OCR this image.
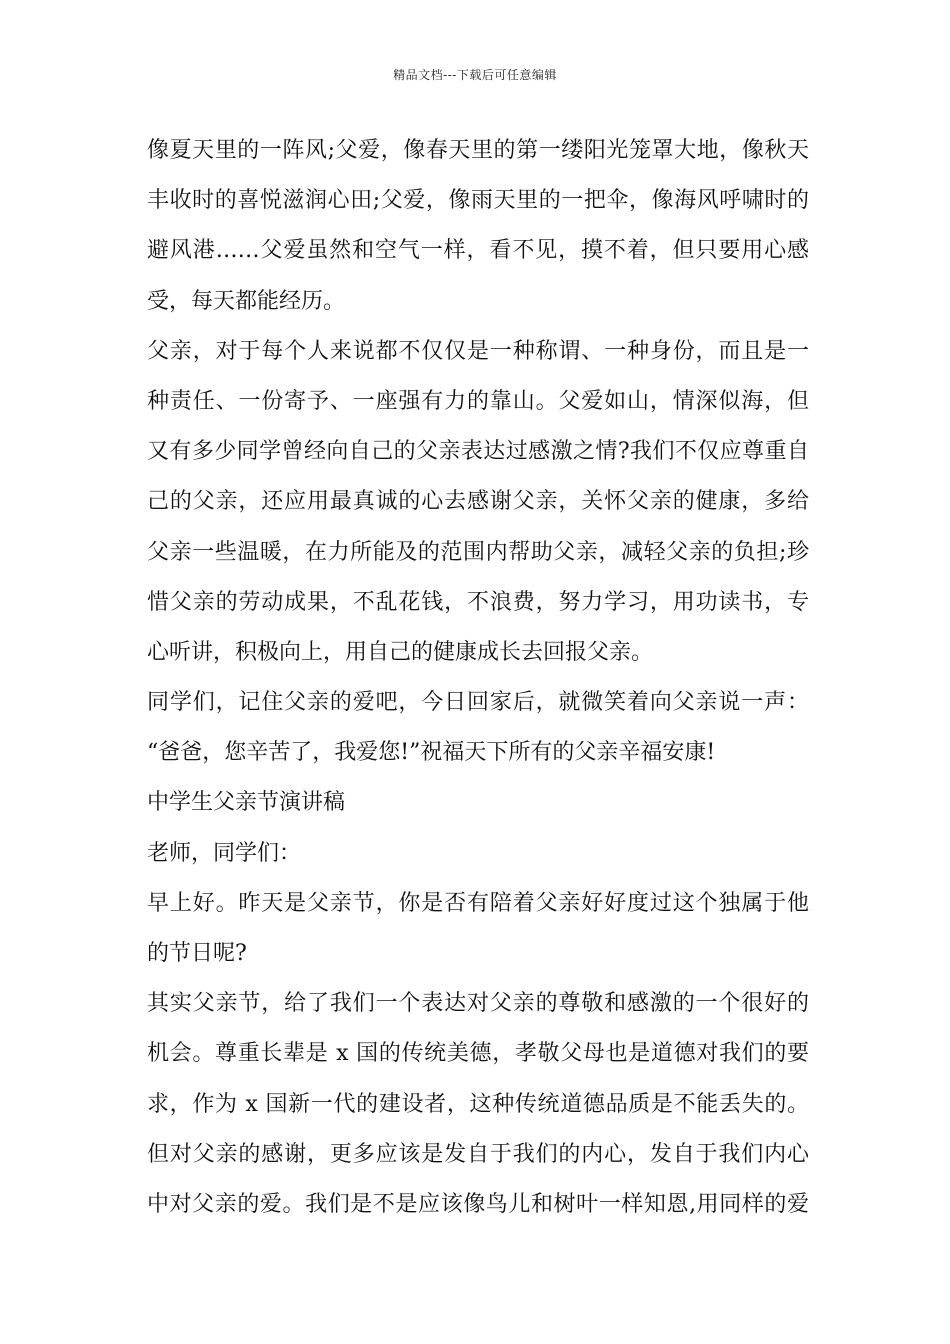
精品文档---下载后可任意编辑
像夏天里的一阵风;父爱，像春天里的第一缕阳光笼罩大地，像秋天
丰收时的喜悦滋润心田;父爱，像雨天里的一把伞，像海风呼啸时的
避风港……父爱虽然和空气一样，看不见，摸不着，但只要用心感
受，每天都能经历。
父亲，对于每个人来说都不仅仅是一种称谓、一种身份，而且是一
种责任、一份寄予、一座强有力的靠山。父爱如山，情深似海，但
又有多少同学曾经向自己的父亲表达过感激之情?我们不仅应尊重自
己的父亲，还应用最真诚的心去感谢父亲，关怀父亲的健康，多给
父亲一些温暖，在力所能及的范围内帮助父亲，减轻父亲的负担;珍
惜父亲的劳动成果，不乱花钱，不浪费，努力学习，用功读书，专
心听讲，积极向上，用自己的健康成长去回报父亲。
同学们，记住父亲的爱吧，今日回家后，就微笑着向父亲说一声：
“爸爸，您辛苦了，我爱您!”祝福天下所有的父亲辛福安康!
中学生父亲节演讲稿
老师，同学们：
早上好。昨天是父亲节，你是否有陪着父亲好好度过这个独属于他
的节日呢?
其实父亲节，给了我们一个表达对父亲的尊敬和感激的一个很好的
机会。尊重长辈是 x 国的传统美德，孝敬父母也是道德对我们的要
求，作为 x 国新一代的建设者，这种传统道德品质是不能丢失的。
但对父亲的感谢，更多应该是发自于我们的内心，发自于我们内心
中对父亲的爱。我们是不是应该像鸟儿和树叶一样知恩,用同样的爱
